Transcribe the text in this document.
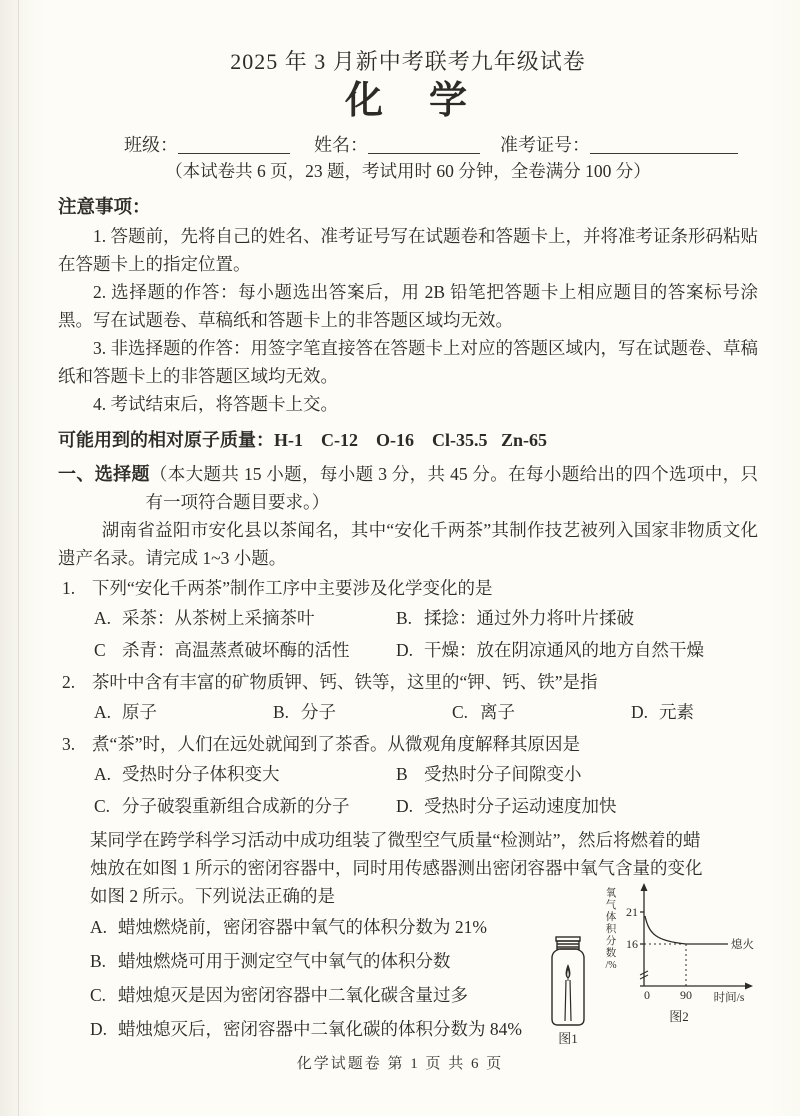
2025 年 3 月新中考联考九年级试卷
化　学
班级：	姓名：	准考证号：
（本试卷共 6 页，23 题，考试用时 60 分钟，全卷满分 100 分）
注意事项：
1. 答题前，先将自己的姓名、准考证号写在试题卷和答题卡上，并将准考证条形码粘贴在答题卡上的指定位置。
2. 选择题的作答：每小题选出答案后，用 2B 铅笔把答题卡上相应题目的答案标号涂黑。写在试题卷、草稿纸和答题卡上的非答题区域均无效。
3. 非选择题的作答：用签字笔直接答在答题卡上对应的答题区域内，写在试题卷、草稿纸和答题卡上的非答题区域均无效。
4. 考试结束后，将答题卡上交。
可能用到的相对原子质量：H-1    C-12    O-16    Cl-35.5   Zn-65
一、选择题（本大题共 15 小题，每小题 3 分，共 45 分。在每小题给出的四个选项中，只有一项符合题目要求。）
湖南省益阳市安化县以茶闻名，其中“安化千两茶”其制作技艺被列入国家非物质文化遗产名录。请完成 1~3 小题。
1. 下列“安化千两茶”制作工序中主要涉及化学变化的是
A. 采茶：从茶树上采摘茶叶	B. 揉捻：通过外力将叶片揉破
C 杀青：高温蒸煮破坏酶的活性	D. 干燥：放在阴凉通风的地方自然干燥
2. 茶叶中含有丰富的矿物质钾、钙、铁等，这里的“钾、钙、铁”是指
A. 原子	B. 分子	C. 离子	D. 元素
3. 煮“茶”时，人们在远处就闻到了茶香。从微观角度解释其原因是
A. 受热时分子体积变大	B 受热时分子间隙变小
C. 分子破裂重新组合成新的分子	D. 受热时分子运动速度加快
某同学在跨学科学习活动中成功组装了微型空气质量“检测站”，然后将燃着的蜡
烛放在如图 1 所示的密闭容器中，同时用传感器测出密闭容器中氧气含量的变化
图1
氧
气
体
积
分
数
/%
21
16
0	90 时间/s
熄火
图2
如图 2 所示。下列说法正确的是
A. 蜡烛燃烧前，密闭容器中氧气的体积分数为 21%
B. 蜡烛燃烧可用于测定空气中氧气的体积分数
C. 蜡烛熄灭是因为密闭容器中二氧化碳含量过多
D. 蜡烛熄灭后，密闭容器中二氧化碳的体积分数为 84%
化学试题卷 第 1 页 共 6 页
